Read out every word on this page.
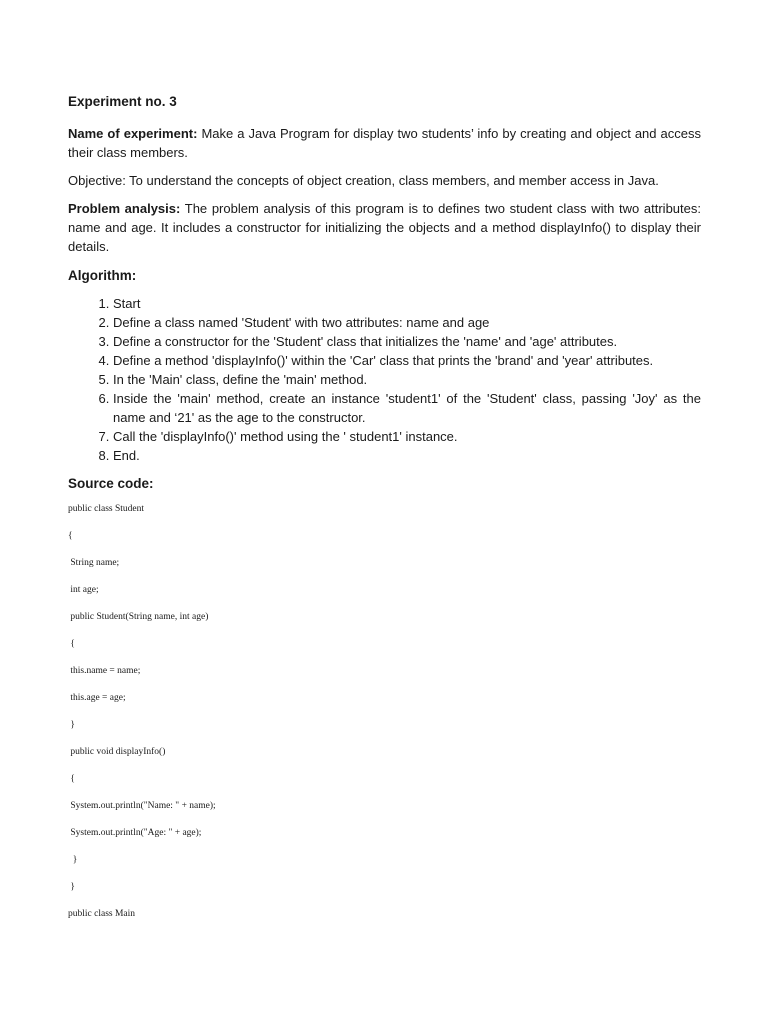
Experiment no. 3

Name of experiment: Make a Java Program for display two students’ info by creating and object and access their class members.

Objective: To understand the concepts of object creation, class members, and member access in Java.

Problem analysis: The problem analysis of this program is to defines two student class with two attributes: name and age. It includes a constructor for initializing the objects and a method displayInfo() to display their details.

Algorithm:

1. Start
2. Define a class named 'Student' with two attributes: name and age
3. Define a constructor for the 'Student' class that initializes the 'name' and 'age' attributes.
4. Define a method 'displayInfo()' within the 'Car' class that prints the 'brand' and 'year' attributes.
5. In the 'Main' class, define the 'main' method.
6. Inside the 'main' method, create an instance 'student1' of the 'Student' class, passing 'Joy' as the name and ‘21' as the age to the constructor.
7. Call the 'displayInfo()' method using the ' student1' instance.
8. End.

Source code:

public class Student

{

String name;

int age;

public Student(String name, int age)

{

this.name = name;

this.age = age;

}

public void displayInfo()

{

System.out.println("Name: " + name);

System.out.println("Age: " + age);

}

}

public class Main
